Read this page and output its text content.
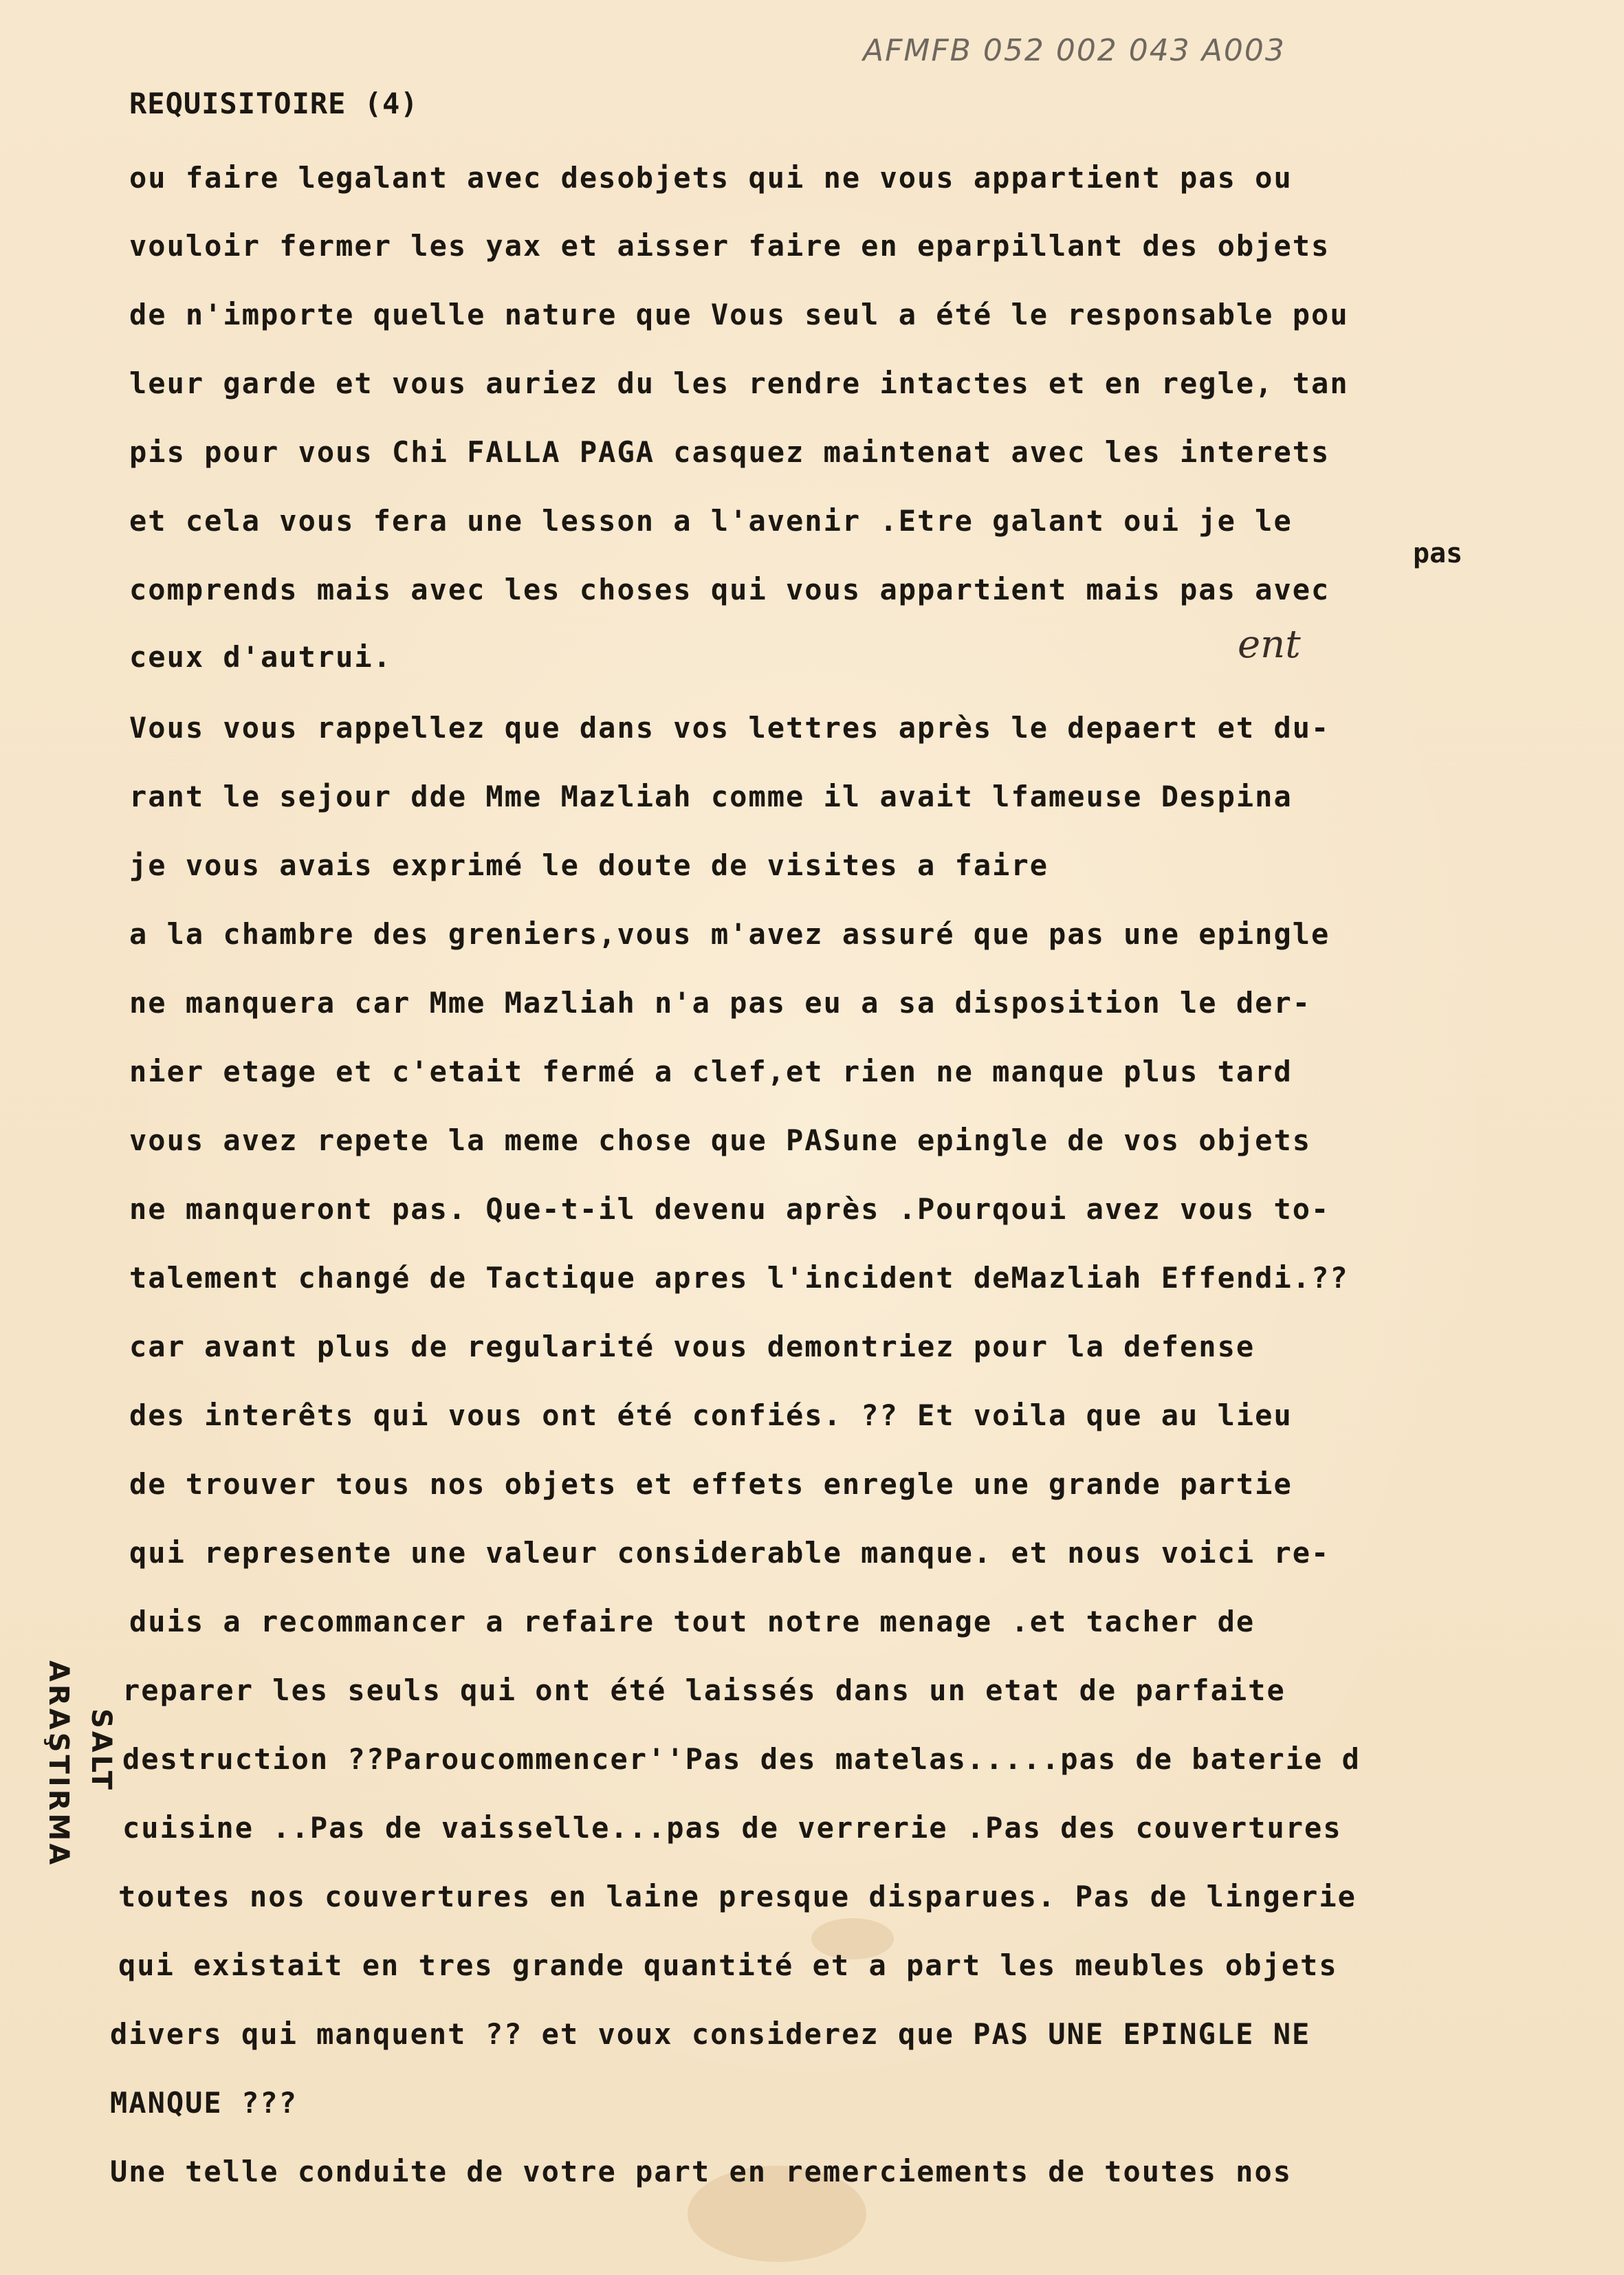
AFMFB 052 002 043 A003
REQUISITOIRE (4)
ou faire legalant avec desobjets qui ne vous appartient pas ou
vouloir fermer les yax et aisser faire en eparpillant des objets
de n'importe quelle nature que Vous seul a été le responsable pou
leur garde et vous auriez du les rendre intactes et en regle, tan
pis pour vous Chi FALLA PAGA casquez maintenat avec les interets
et cela vous fera une lesson a l'avenir .Etre galant oui je le
comprends mais avec les choses qui vous appartient mais pas avec
ceux d'autrui.
Vous vous rappellez que dans vos lettres après le depaert et du-
rant le sejour dde Mme Mazliah comme il avait lfameuse Despina
je vous avais exprimé le doute de visites a faire
a la chambre des greniers,vous m'avez assuré que pas une epingle
ne manquera car Mme Mazliah n'a pas eu a sa disposition le der-
nier etage et c'etait fermé a clef,et rien ne manque plus tard
vous avez repete la meme chose que PASune epingle de vos objets
ne manqueront pas. Que-t-il devenu après .Pourqoui avez vous to-
talement changé de Tactique apres l'incident deMazliah Effendi.??
car avant plus de regularité vous demontriez pour la defense
des interêts qui vous ont été confiés. ?? Et voila que au lieu
de trouver tous nos objets et effets enregle une grande partie
qui represente une valeur considerable manque. et nous voici re-
duis a recommancer a refaire tout notre menage .et tacher de
reparer les seuls qui ont été laissés dans un etat de parfaite
destruction ??Paroucommencer''Pas des matelas.....pas de baterie d
cuisine ..Pas de vaisselle...pas de verrerie .Pas des couvertures
toutes nos couvertures en laine presque disparues. Pas de lingerie
qui existait en tres grande quantité et a part les meubles objets
divers qui manquent ?? et voux considerez que PAS UNE EPINGLE NE
MANQUE ???
Une telle conduite de votre part en remerciements de toutes nos
pas
ent
SALT
ARAŞTIRMA
